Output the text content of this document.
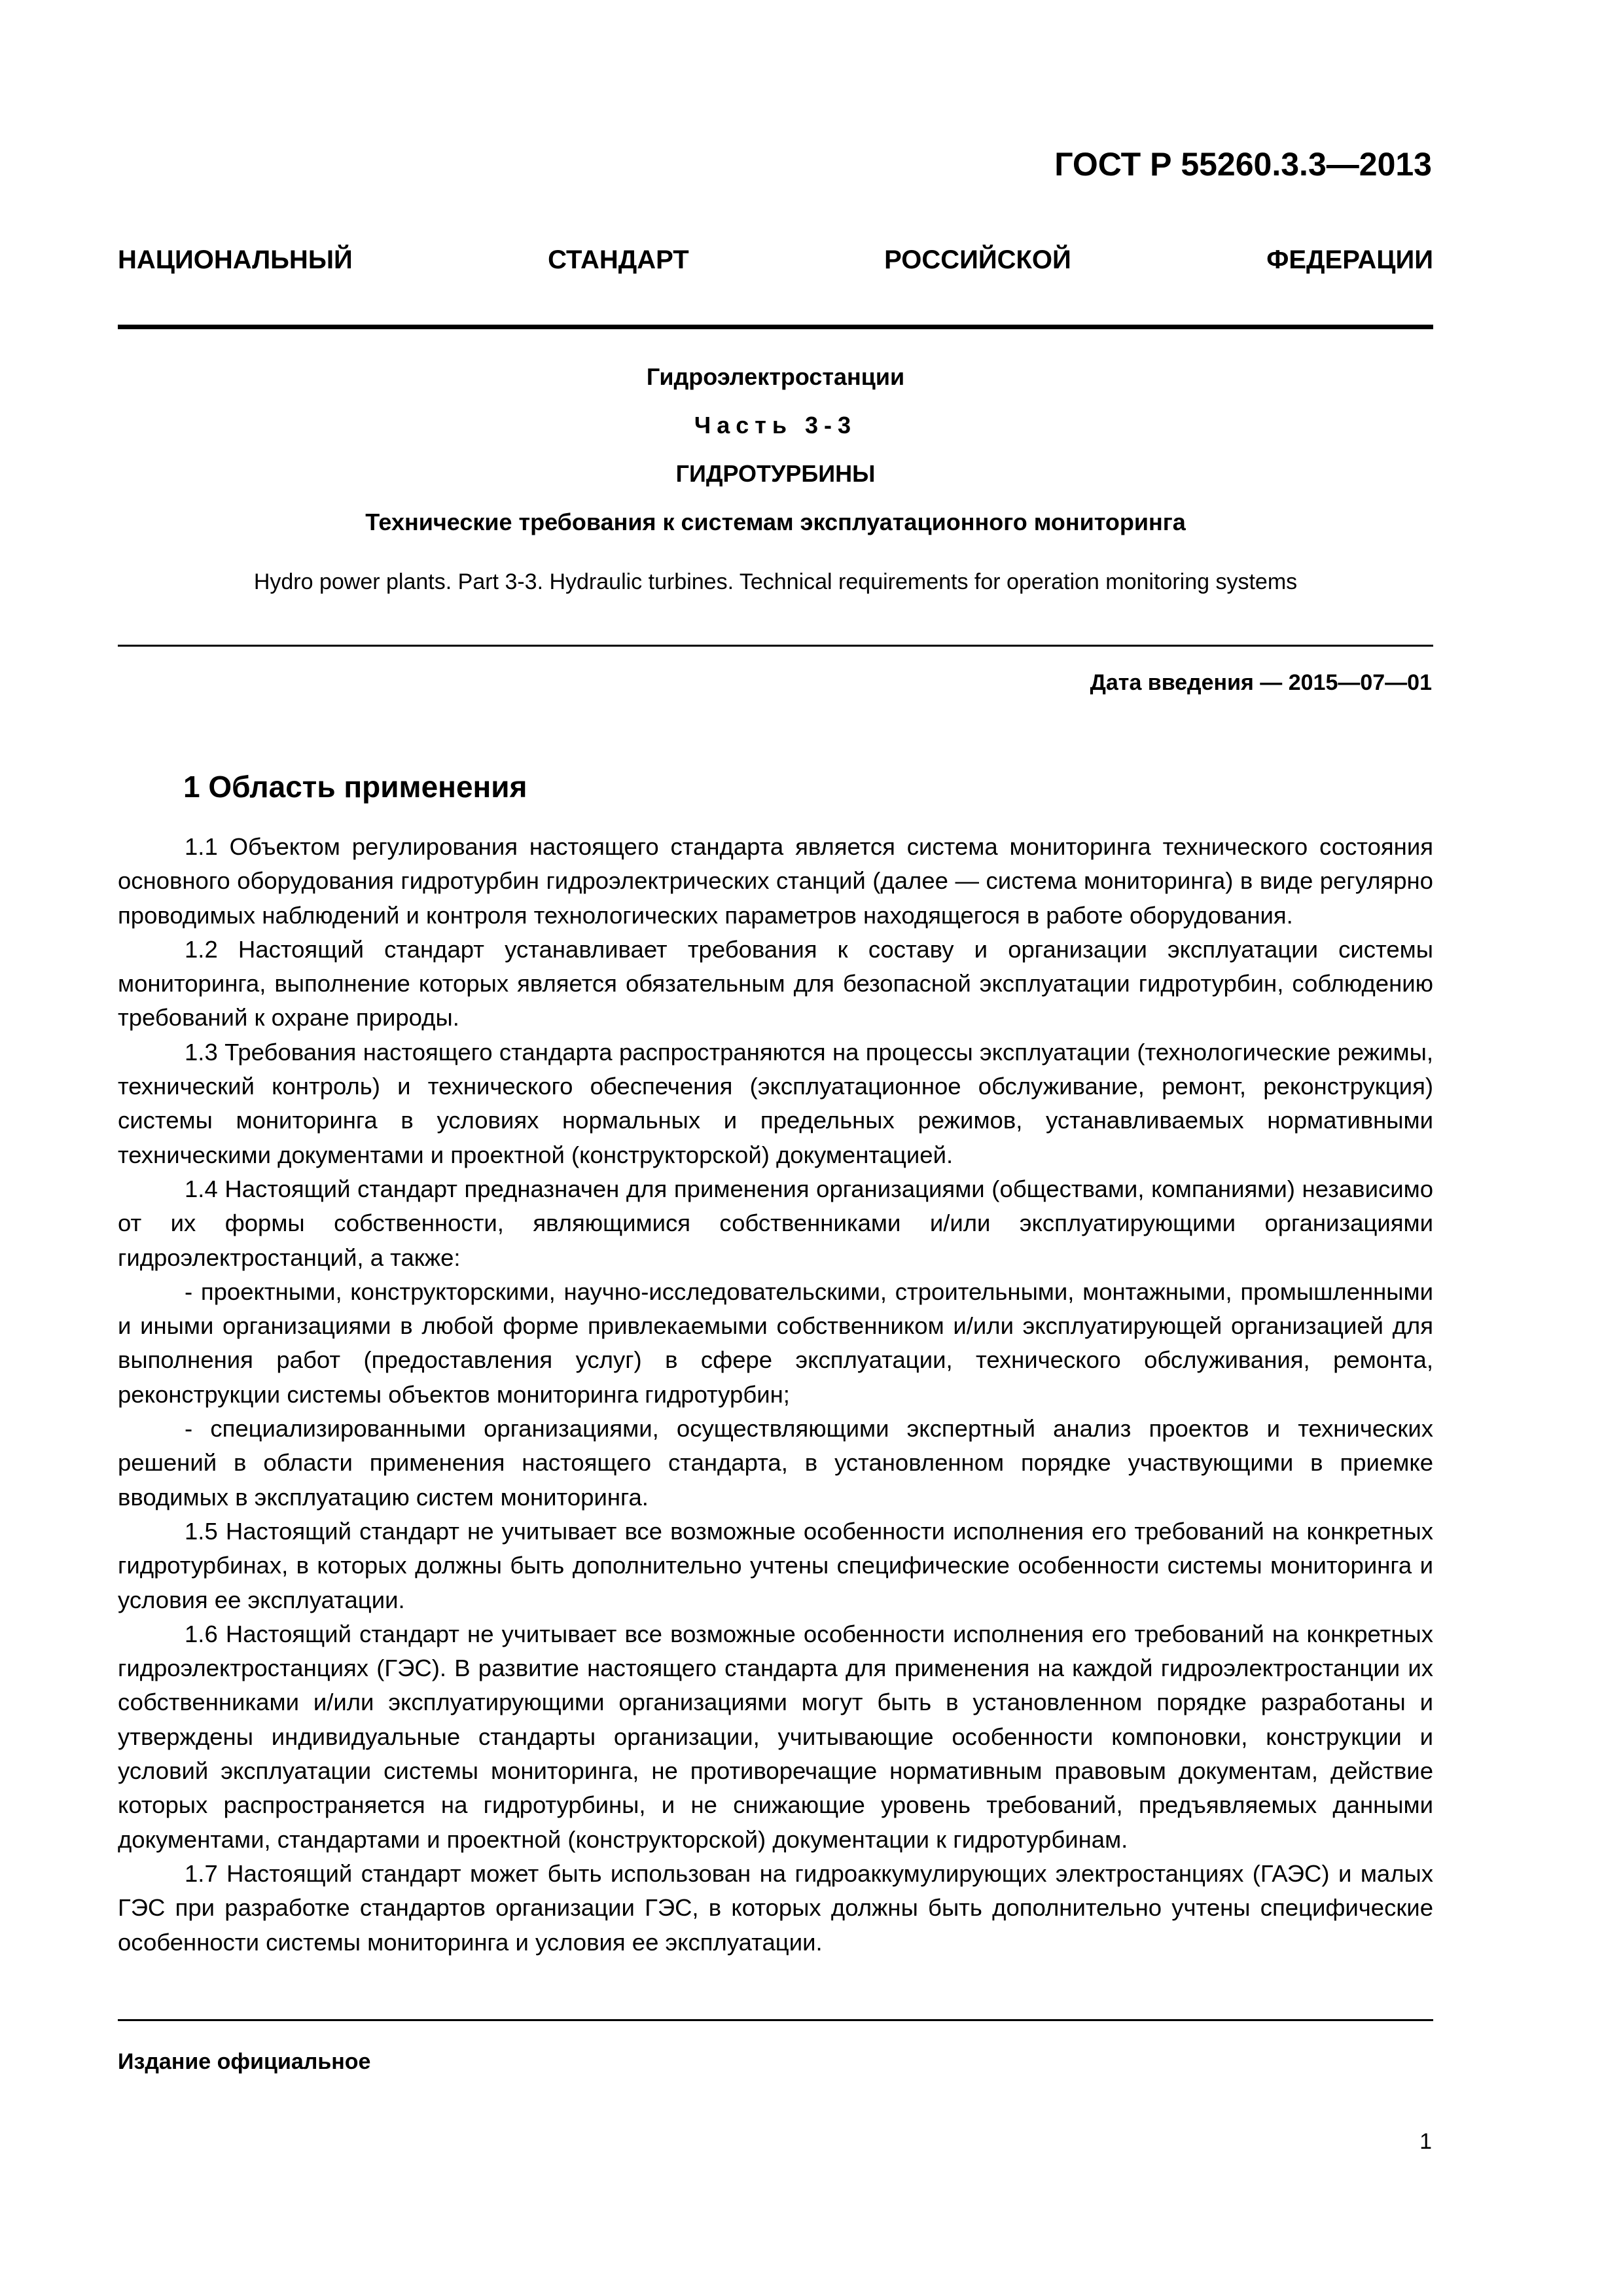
ГОСТ Р 55260.3.3—2013
НАЦИОНАЛЬНЫЙ	СТАНДАРТ	РОССИЙСКОЙ	ФЕДЕРАЦИИ
Гидроэлектростанции
Часть 3-3
ГИДРОТУРБИНЫ
Технические требования к системам эксплуатационного мониторинга
Hydro power plants. Part 3-3. Hydraulic turbines. Technical requirements for operation monitoring systems
Дата введения — 2015—07—01
1 Область применения

1.1 Объектом регулирования настоящего стандарта является система мониторинга технического состояния основного оборудования гидротурбин гидроэлектрических станций (далее — система мониторинга) в виде регулярно проводимых наблюдений и контроля технологических параметров находящегося в работе оборудования.

1.2 Настоящий стандарт устанавливает требования к составу и организации эксплуатации системы мониторинга, выполнение которых является обязательным для безопасной эксплуатации гидротурбин, соблюдению требований к охране природы.

1.3 Требования настоящего стандарта распространяются на процессы эксплуатации (технологические режимы, технический контроль) и технического обеспечения (эксплуатационное обслуживание, ремонт, реконструкция) системы мониторинга в условиях нормальных и предельных режимов, устанавливаемых нормативными техническими документами и проектной (конструкторской) документацией.

1.4 Настоящий стандарт предназначен для применения организациями (обществами, компаниями) независимо от их формы собственности, являющимися собственниками и/или эксплуатирующими организациями гидроэлектростанций, а также:

- проектными, конструкторскими, научно-исследовательскими, строительными, монтажными, промышленными и иными организациями в любой форме привлекаемыми собственником и/или эксплуатирующей организацией для выполнения работ (предоставления услуг) в сфере эксплуатации, технического обслуживания, ремонта, реконструкции системы объектов мониторинга гидротурбин;

- специализированными организациями, осуществляющими экспертный анализ проектов и технических решений в области применения настоящего стандарта, в установленном порядке участвующими в приемке вводимых в эксплуатацию систем мониторинга.

1.5 Настоящий стандарт не учитывает все возможные особенности исполнения его требований на конкретных гидротурбинах, в которых должны быть дополнительно учтены специфические особенности системы мониторинга и условия ее эксплуатации.

1.6 Настоящий стандарт не учитывает все возможные особенности исполнения его требований на конкретных гидроэлектростанциях (ГЭС). В развитие настоящего стандарта для применения на каждой гидроэлектростанции их собственниками и/или эксплуатирующими организациями могут быть в установленном порядке разработаны и утверждены индивидуальные стандарты организации, учитывающие особенности компоновки, конструкции и условий эксплуатации системы мониторинга, не противоречащие нормативным правовым документам, действие которых распространяется на гидротурбины, и не снижающие уровень требований, предъявляемых данными документами, стандартами и проектной (конструкторской) документации к гидротурбинам.

1.7 Настоящий стандарт может быть использован на гидроаккумулирующих электростанциях (ГАЭС) и малых ГЭС при разработке стандартов организации ГЭС, в которых должны быть дополнительно учтены специфические особенности системы мониторинга и условия ее эксплуатации.

Издание официальное
1
